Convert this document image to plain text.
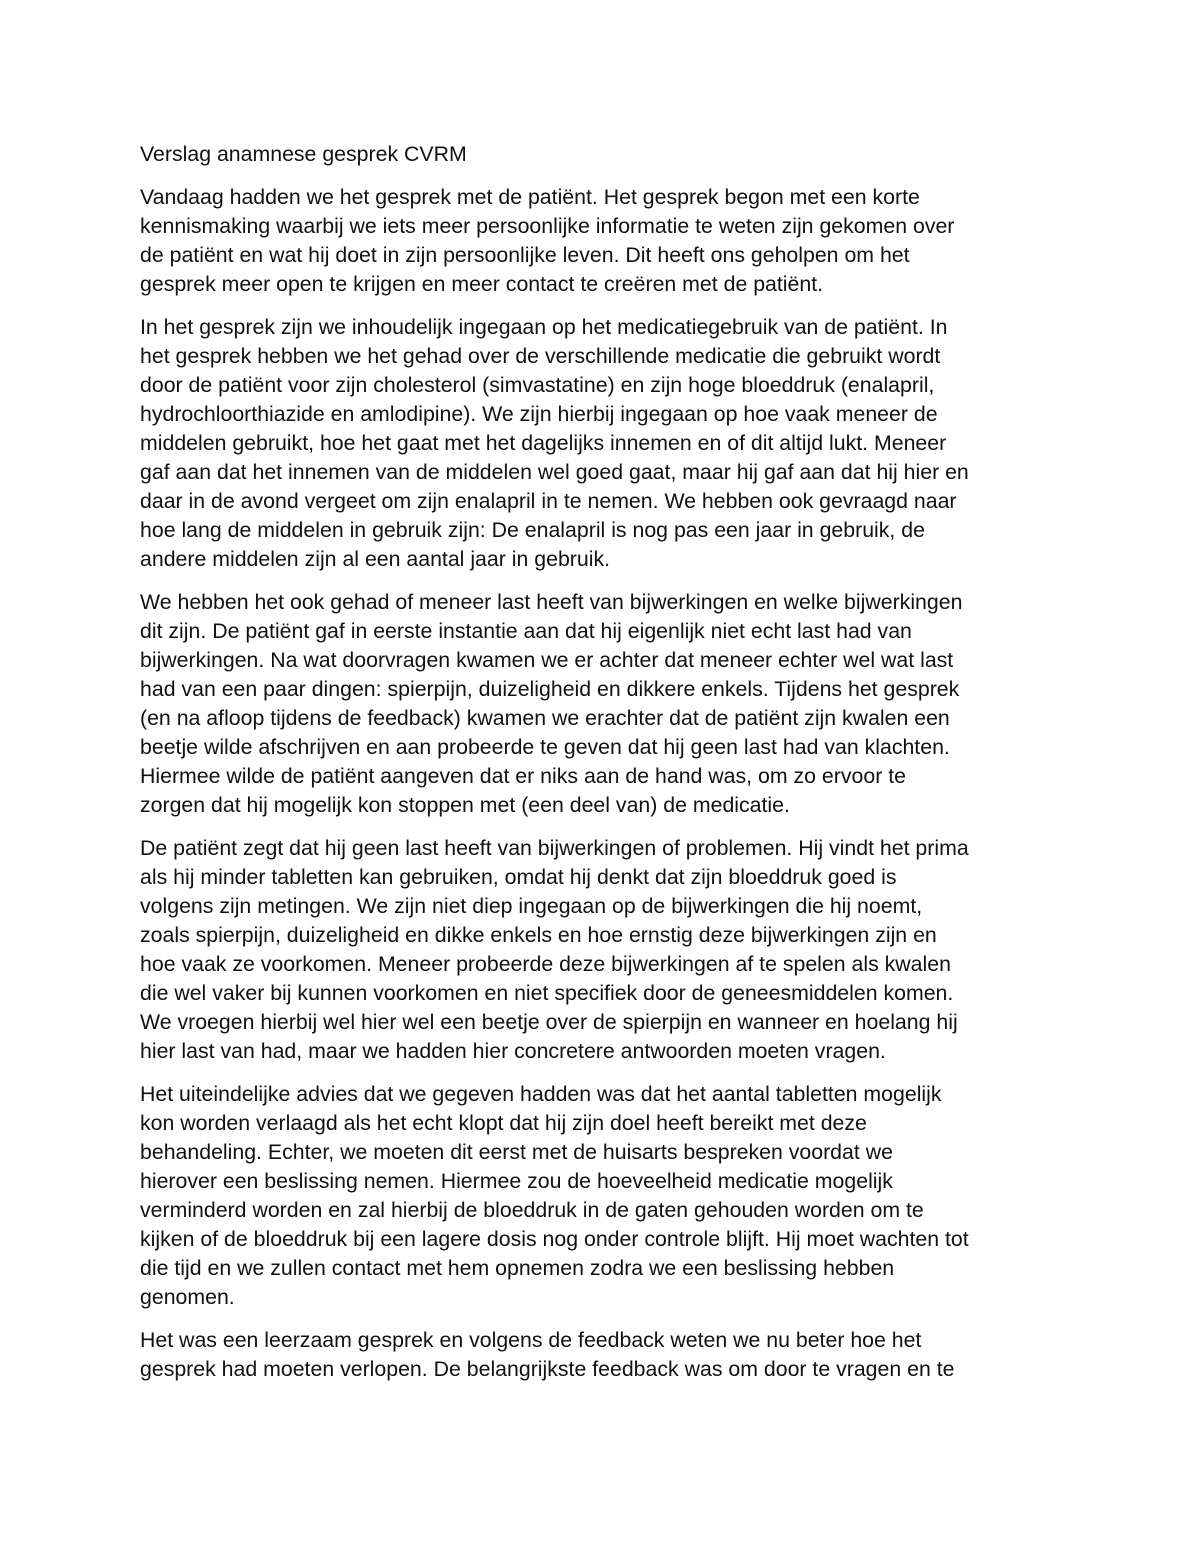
Verslag anamnese gesprek CVRM

Vandaag hadden we het gesprek met de patiënt. Het gesprek begon met een korte
kennismaking waarbij we iets meer persoonlijke informatie te weten zijn gekomen over
de patiënt en wat hij doet in zijn persoonlijke leven. Dit heeft ons geholpen om het
gesprek meer open te krijgen en meer contact te creëren met de patiënt.

In het gesprek zijn we inhoudelijk ingegaan op het medicatiegebruik van de patiënt. In
het gesprek hebben we het gehad over de verschillende medicatie die gebruikt wordt
door de patiënt voor zijn cholesterol (simvastatine) en zijn hoge bloeddruk (enalapril,
hydrochloorthiazide en amlodipine). We zijn hierbij ingegaan op hoe vaak meneer de
middelen gebruikt, hoe het gaat met het dagelijks innemen en of dit altijd lukt. Meneer
gaf aan dat het innemen van de middelen wel goed gaat, maar hij gaf aan dat hij hier en
daar in de avond vergeet om zijn enalapril in te nemen. We hebben ook gevraagd naar
hoe lang de middelen in gebruik zijn: De enalapril is nog pas een jaar in gebruik, de
andere middelen zijn al een aantal jaar in gebruik.

We hebben het ook gehad of meneer last heeft van bijwerkingen en welke bijwerkingen
dit zijn. De patiënt gaf in eerste instantie aan dat hij eigenlijk niet echt last had van
bijwerkingen. Na wat doorvragen kwamen we er achter dat meneer echter wel wat last
had van een paar dingen: spierpijn, duizeligheid en dikkere enkels. Tijdens het gesprek
(en na afloop tijdens de feedback) kwamen we erachter dat de patiënt zijn kwalen een
beetje wilde afschrijven en aan probeerde te geven dat hij geen last had van klachten.
Hiermee wilde de patiënt aangeven dat er niks aan de hand was, om zo ervoor te
zorgen dat hij mogelijk kon stoppen met (een deel van) de medicatie.

De patiënt zegt dat hij geen last heeft van bijwerkingen of problemen. Hij vindt het prima
als hij minder tabletten kan gebruiken, omdat hij denkt dat zijn bloeddruk goed is
volgens zijn metingen. We zijn niet diep ingegaan op de bijwerkingen die hij noemt,
zoals spierpijn, duizeligheid en dikke enkels en hoe ernstig deze bijwerkingen zijn en
hoe vaak ze voorkomen. Meneer probeerde deze bijwerkingen af te spelen als kwalen
die wel vaker bij kunnen voorkomen en niet specifiek door de geneesmiddelen komen.
We vroegen hierbij wel hier wel een beetje over de spierpijn en wanneer en hoelang hij
hier last van had, maar we hadden hier concretere antwoorden moeten vragen.

Het uiteindelijke advies dat we gegeven hadden was dat het aantal tabletten mogelijk
kon worden verlaagd als het echt klopt dat hij zijn doel heeft bereikt met deze
behandeling. Echter, we moeten dit eerst met de huisarts bespreken voordat we
hierover een beslissing nemen. Hiermee zou de hoeveelheid medicatie mogelijk
verminderd worden en zal hierbij de bloeddruk in de gaten gehouden worden om te
kijken of de bloeddruk bij een lagere dosis nog onder controle blijft. Hij moet wachten tot
die tijd en we zullen contact met hem opnemen zodra we een beslissing hebben
genomen.

Het was een leerzaam gesprek en volgens de feedback weten we nu beter hoe het
gesprek had moeten verlopen. De belangrijkste feedback was om door te vragen en te
